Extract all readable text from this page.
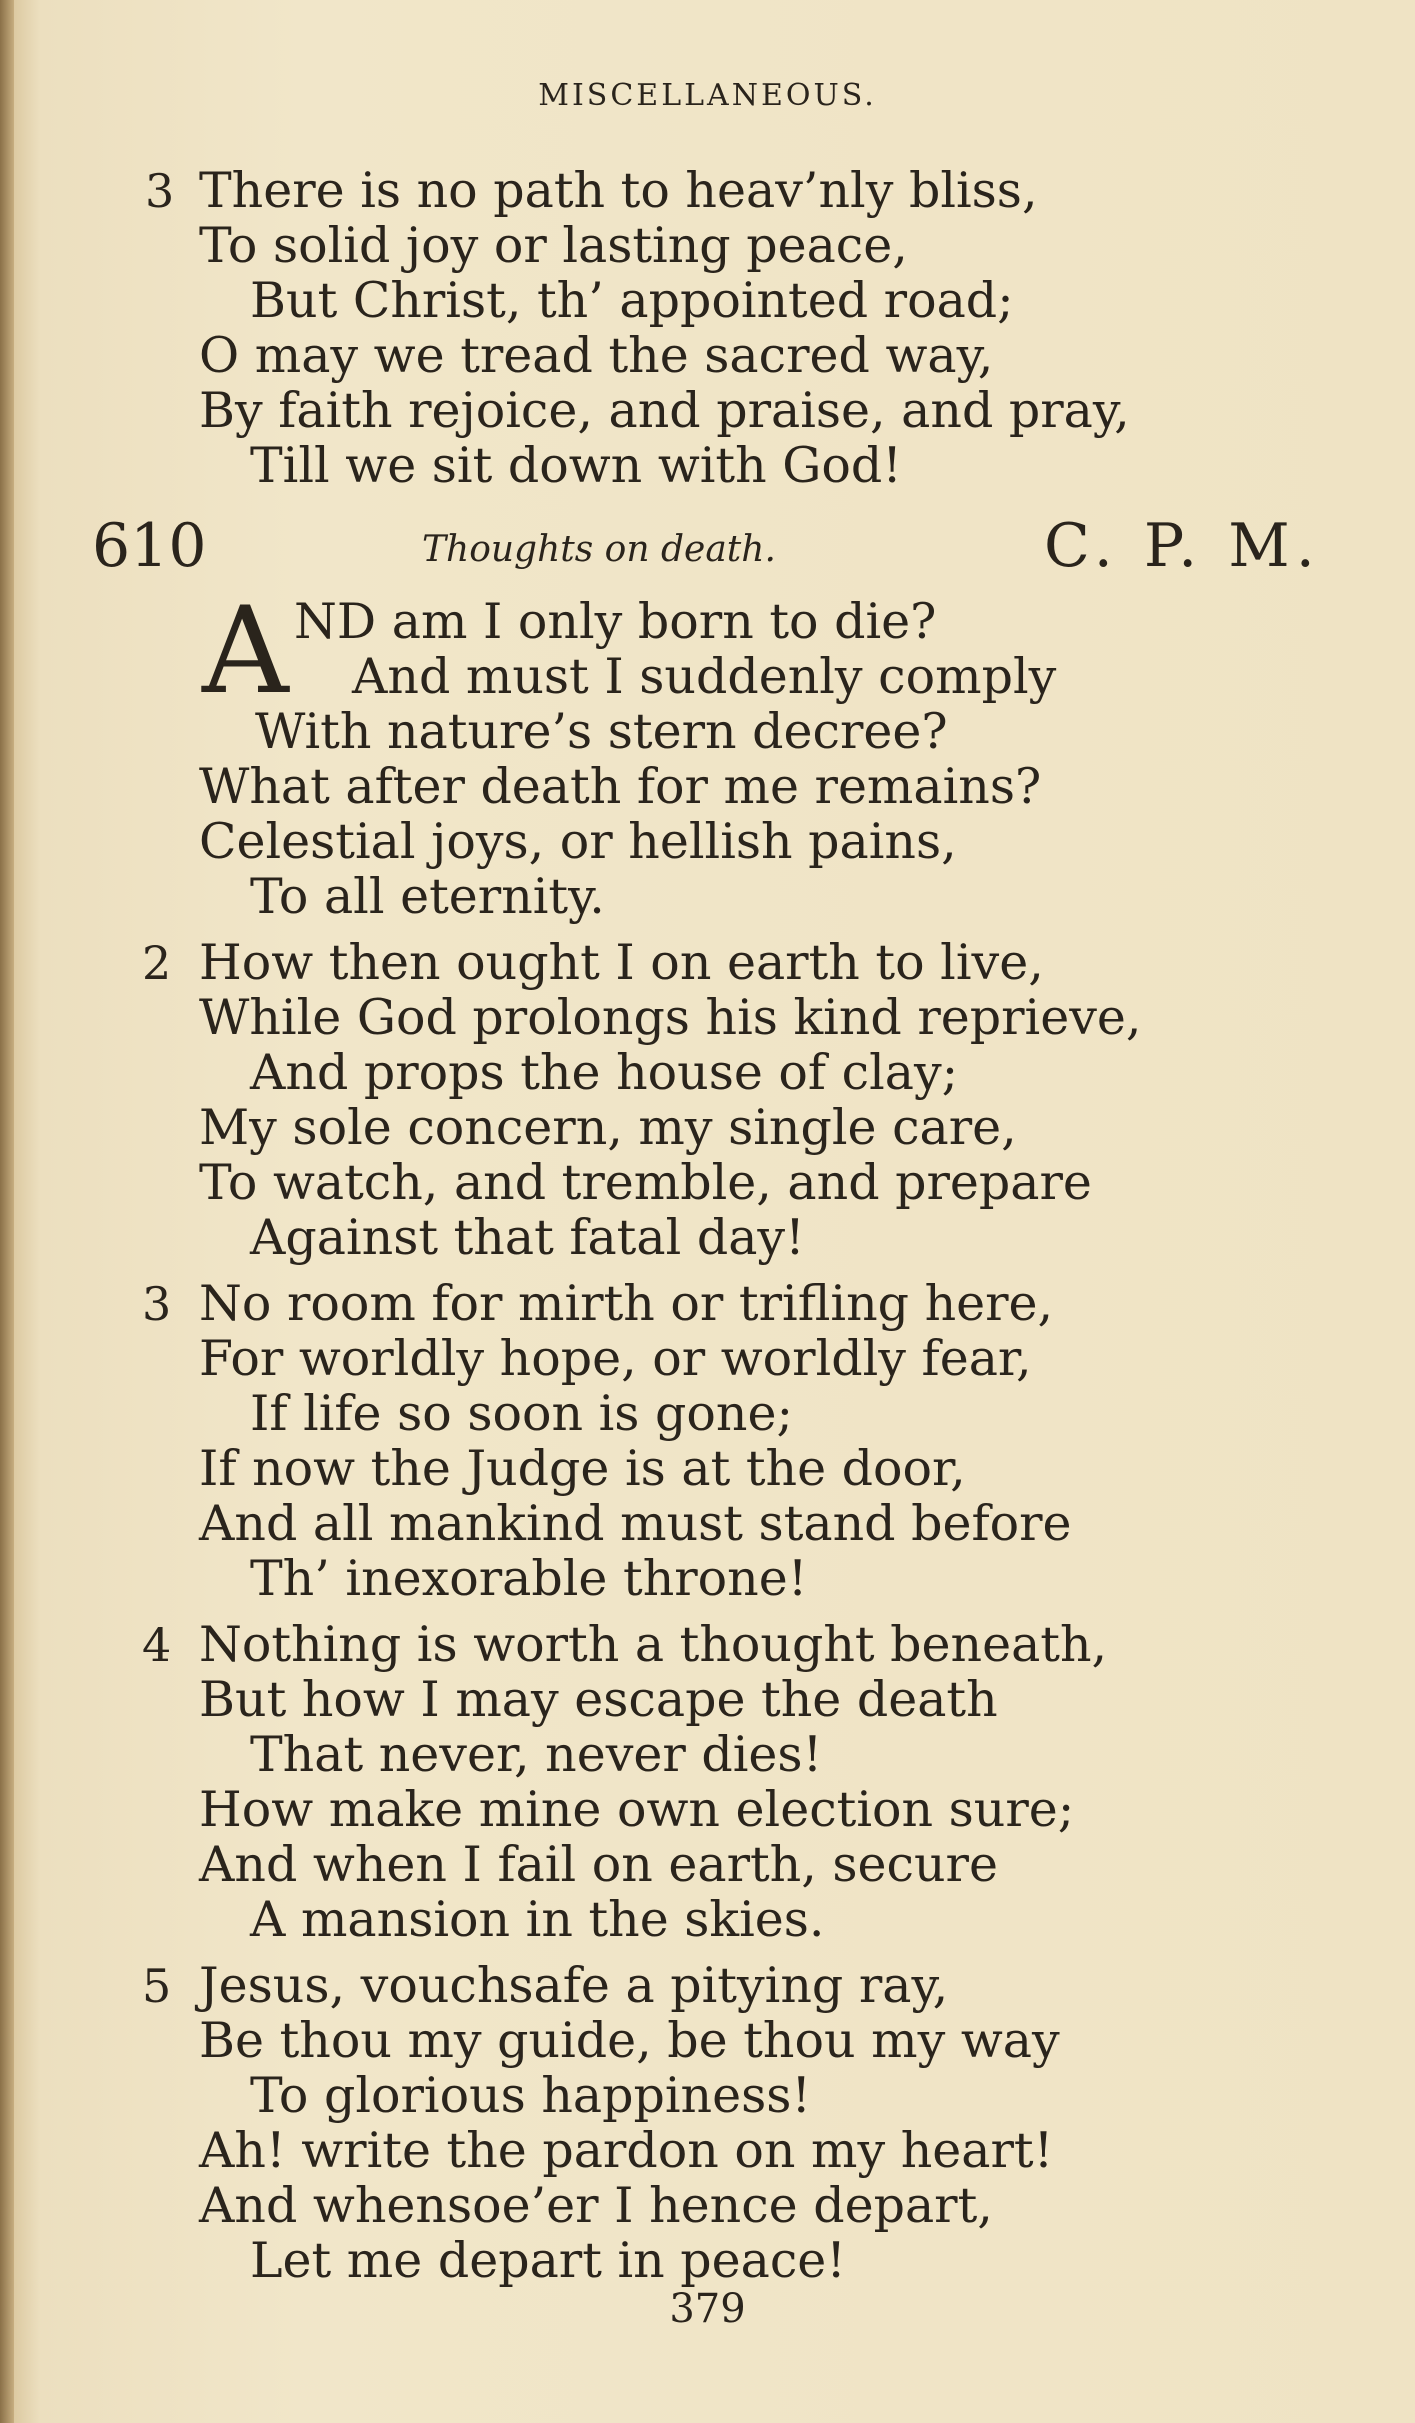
MISCELLANEOUS.
3 There is no path to heav’nly bliss,
To solid joy or lasting peace,
But Christ, th’ appointed road;
O may we tread the sacred way,
By faith rejoice, and praise, and pray,
Till we sit down with God!
610	Thoughts on death.	C. P. M.
A ND am I only born to die?
And must I suddenly comply
With nature’s stern decree?
What after death for me remains?
Celestial joys, or hellish pains,
To all eternity.
2 How then ought I on earth to live,
While God prolongs his kind reprieve,
And props the house of clay;
My sole concern, my single care,
To watch, and tremble, and prepare
Against that fatal day!
3 No room for mirth or trifling here,
For worldly hope, or worldly fear,
If life so soon is gone;
If now the Judge is at the door,
And all mankind must stand before
Th’ inexorable throne!
4 Nothing is worth a thought beneath,
But how I may escape the death
That never, never dies!
How make mine own election sure;
And when I fail on earth, secure
A mansion in the skies.
5 Jesus, vouchsafe a pitying ray,
Be thou my guide, be thou my way
To glorious happiness!
Ah! write the pardon on my heart!
And whensoe’er I hence depart,
Let me depart in peace!
379
